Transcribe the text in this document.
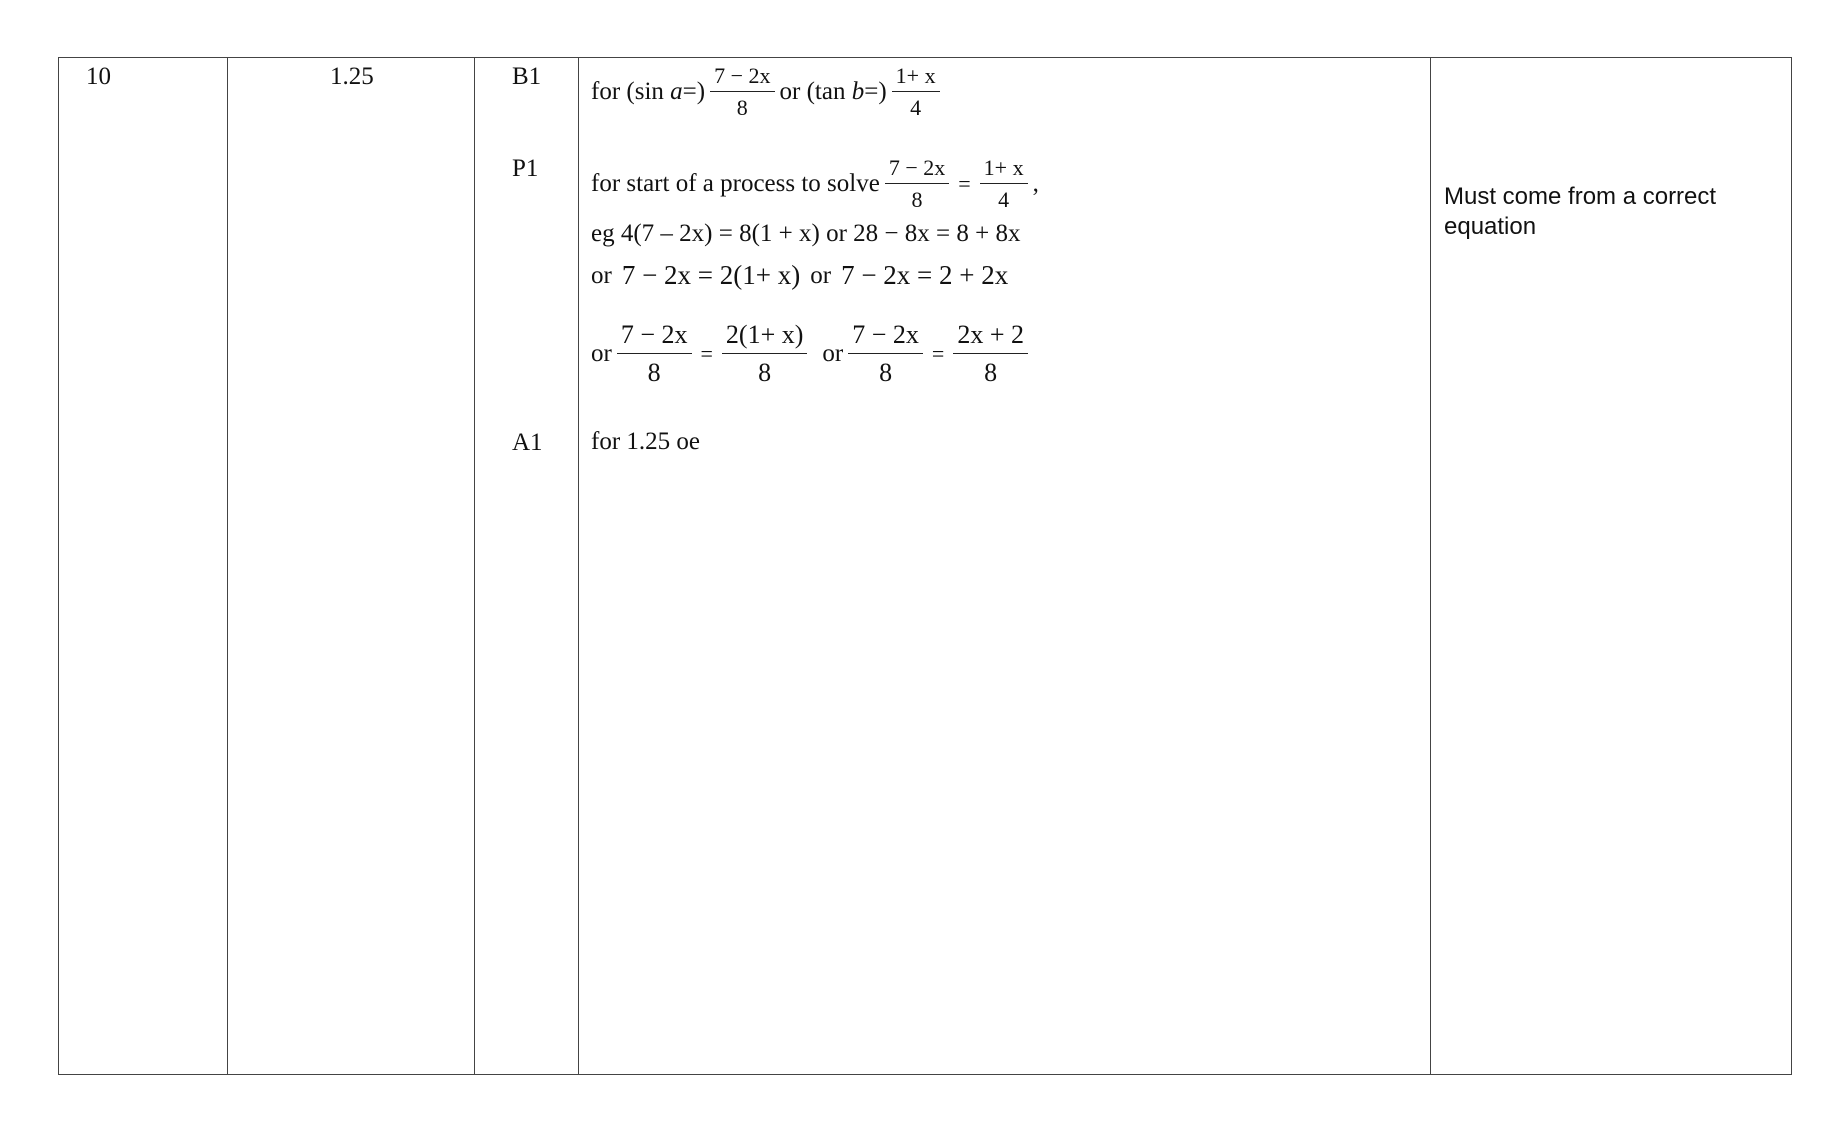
10	1.25	B1
P1
A1
for (sin
a =) $\frac{7 - 2x}{8}$ or (tan
b =) $\frac{1+ x}{4}$
for start of a process to solve $\frac{7 - 2x}{8} = \frac{1+ x}{4}$ ,
eg 4(7 – 2x) = 8(1 + x) or 28 − 8x = 8 + 8x
or 7 − 2x = 2(1+ x) or 7 − 2x = 2 + 2x
or $\frac{7 - 2x}{8} = \frac{2(1+ x)}{8}$ or $\frac{7 - 2x}{8} = \frac{2x + 2}{8}$
for 1.25 oe
Must come from a correct equation
